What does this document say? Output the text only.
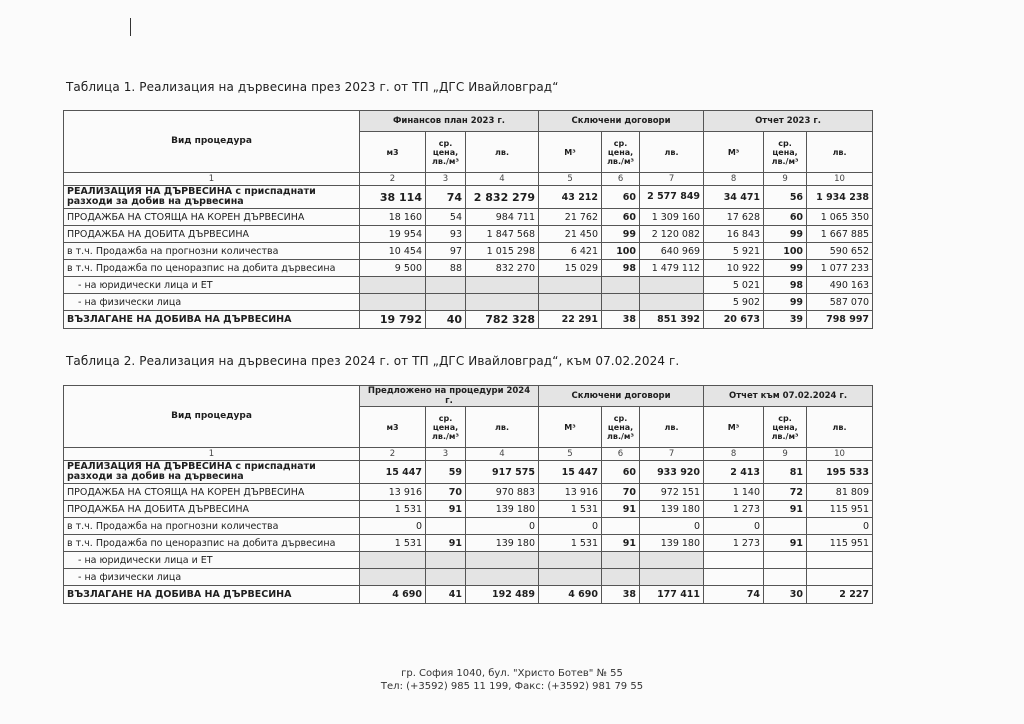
Таблица 1. Реализация на дървесина през 2023 г. от ТП „ДГС Ивайловград“
Вид процедура	Финансов план 2023 г.			Сключени договори			Отчет 2023 г.		
	м3	ср. цена, лв./м³	лв.	М³	ср. цена, лв./м³	лв.	М³	ср. цена, лв./м³	лв.
1	2	3	4	5	6	7	8	9	10
РЕАЛИЗАЦИЯ НА ДЪРВЕСИНА с приспаднати разходи за добив на дървесина	38 114	74	2 832 279	43 212	60	2 577 849	34 471	56	1 934 238
ПРОДАЖБА НА СТОЯЩА НА КОРЕН ДЪРВЕСИНА	18 160	54	984 711	21 762	60	1 309 160	17 628	60	1 065 350
ПРОДАЖБА НА ДОБИТА ДЪРВЕСИНА	19 954	93	1 847 568	21 450	99	2 120 082	16 843	99	1 667 885
в т.ч. Продажба на прогнозни количества	10 454	97	1 015 298	6 421	100	640 969	5 921	100	590 652
в т.ч. Продажба по ценоразпис на добита дървесина	9 500	88	832 270	15 029	98	1 479 112	10 922	99	1 077 233
- на юридически лица и ЕТ							5 021	98	490 163
- на физически лица							5 902	99	587 070
ВЪЗЛАГАНЕ НА ДОБИВА НА ДЪРВЕСИНА	19 792	40	782 328	22 291	38	851 392	20 673	39	798 997
Таблица 2. Реализация на дървесина през 2024 г. от ТП „ДГС Ивайловград“, към 07.02.2024 г.
Вид процедура	Предложено на процедури 2024 г.			Сключени договори			Отчет към 07.02.2024 г.		
	м3	ср. цена, лв./м³	лв.	М³	ср. цена, лв./м³	лв.	М³	ср. цена, лв./м³	лв.
1	2	3	4	5	6	7	8	9	10
РЕАЛИЗАЦИЯ НА ДЪРВЕСИНА с приспаднати разходи за добив на дървесина	15 447	59	917 575	15 447	60	933 920	2 413	81	195 533
ПРОДАЖБА НА СТОЯЩА НА КОРЕН ДЪРВЕСИНА	13 916	70	970 883	13 916	70	972 151	1 140	72	81 809
ПРОДАЖБА НА ДОБИТА ДЪРВЕСИНА	1 531	91	139 180	1 531	91	139 180	1 273	91	115 951
в т.ч. Продажба на прогнозни количества	0		0	0		0	0		0
в т.ч. Продажба по ценоразпис на добита дървесина	1 531	91	139 180	1 531	91	139 180	1 273	91	115 951
- на юридически лица и ЕТ									
- на физически лица									
ВЪЗЛАГАНЕ НА ДОБИВА НА ДЪРВЕСИНА	4 690	41	192 489	4 690	38	177 411	74	30	2 227
гр. София 1040, бул. "Христо Ботев" № 55
Тел: (+3592) 985 11 199, Факс: (+3592) 981 79 55
